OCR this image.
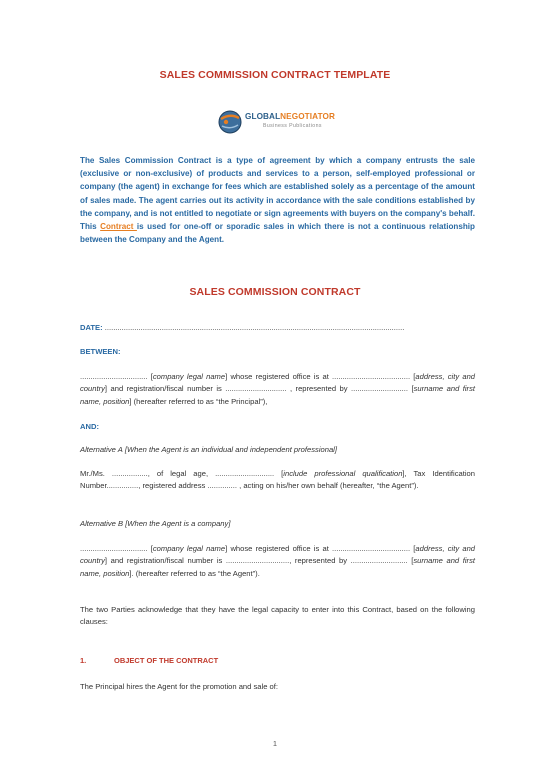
SALES COMMISSION CONTRACT TEMPLATE
GLOBALNEGOTIATOR
Business Publications
The Sales Commission Contract is a type of agreement by which a company entrusts the sale (exclusive or non-exclusive) of products and services to a person, self-employed professional or company (the agent) in exchange for fees which are established solely as a percentage of the amount of sales made. The agent carries out its activity in accordance with the sale conditions established by the company, and is not entitled to negotiate or sign agreements with buyers on the company's behalf. This Contract is used for one-off or sporadic sales in which there is not a continuous relationship between the Company and the Agent.
SALES COMMISSION CONTRACT
DATE: ..............................................................................................................................................
BETWEEN:
................................ [company legal name] whose registered office is at ..................................... [address, city and country] and registration/fiscal number is ............................. , represented by ........................... [surname and first name, position] (hereafter referred to as “the Principal”),
AND:
Alternative A [When the Agent is an individual and independent professional]
Mr./Ms. ................., of legal age, ............................ [include professional qualification], Tax Identification Number..............., registered address .............. , acting on his/her own behalf (hereafter, “the Agent”).
Alternative B [When the Agent is a company]
................................ [company legal name] whose registered office is at ..................................... [address, city and country] and registration/fiscal number is .............................., represented by ........................... [surname and first name, position]. (hereafter referred to as “the Agent”).
The two Parties acknowledge that they have the legal capacity to enter into this Contract, based on the following clauses:
1.	OBJECT OF THE CONTRACT
The Principal hires the Agent for the promotion and sale of:
1
